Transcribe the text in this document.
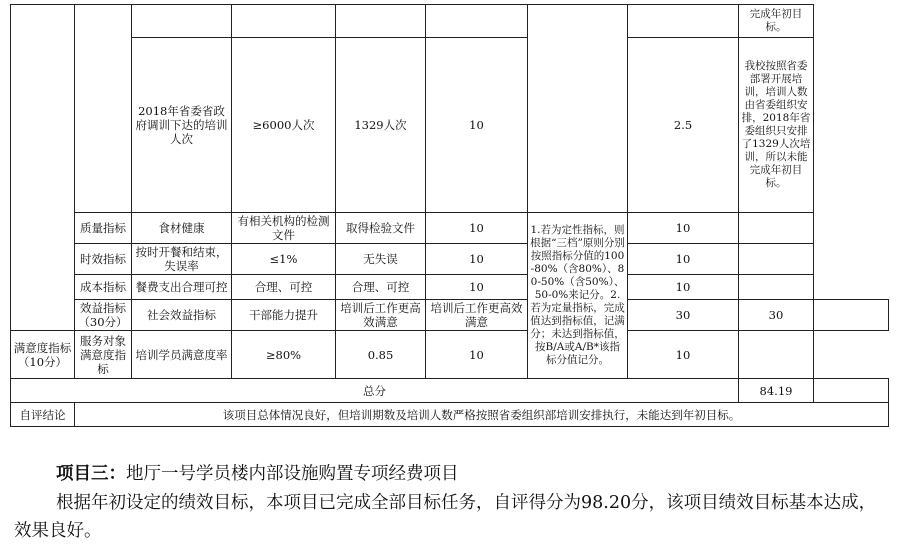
								完成年初目标。	
		2018年省委省政府调训下达的培训人次	≥6000人次	1329人次	10		2.5	我校按照省委部署开展培训，培训人数由省委组织安排，2018年省委组织只安排了1329人次培训，所以未能完成年初目标。	
	质量指标	食材健康	有相关机构的检测文件	取得检验文件	10	1.若为定性指标，则根据“三档”原则分别按照指标分值的100-80%（含80%）、80-50%（含50%）、50-0%来记分。2.若为定量指标，完成值达到指标值，记满分；未达到指标值，按B/A或A/B*该指标分值记分。	10		
	时效指标	按时开餐和结束，失误率	≤1%	无失误	10		10		
	成本指标	餐费支出合理可控	合理、可控	合理、可控	10		10		
	效益指标（30分）	社会效益指标	干部能力提升	培训后工作更高效满意	培训后工作更高效满意		30	30	
满意度指标（10分）	服务对象满意度指标	培训学员满意度率	≥80%	0.85	10		10		
总分								84.19	
自评结论	该项目总体情况良好，但培训期数及培训人数严格按照省委组织部培训安排执行，未能达到年初目标。								
项目三：地厅一号学员楼内部设施购置专项经费项目
根据年初设定的绩效目标，本项目已完成全部目标任务，自评得分为98.20分，该项目绩效目标基本达成，效果良好。
